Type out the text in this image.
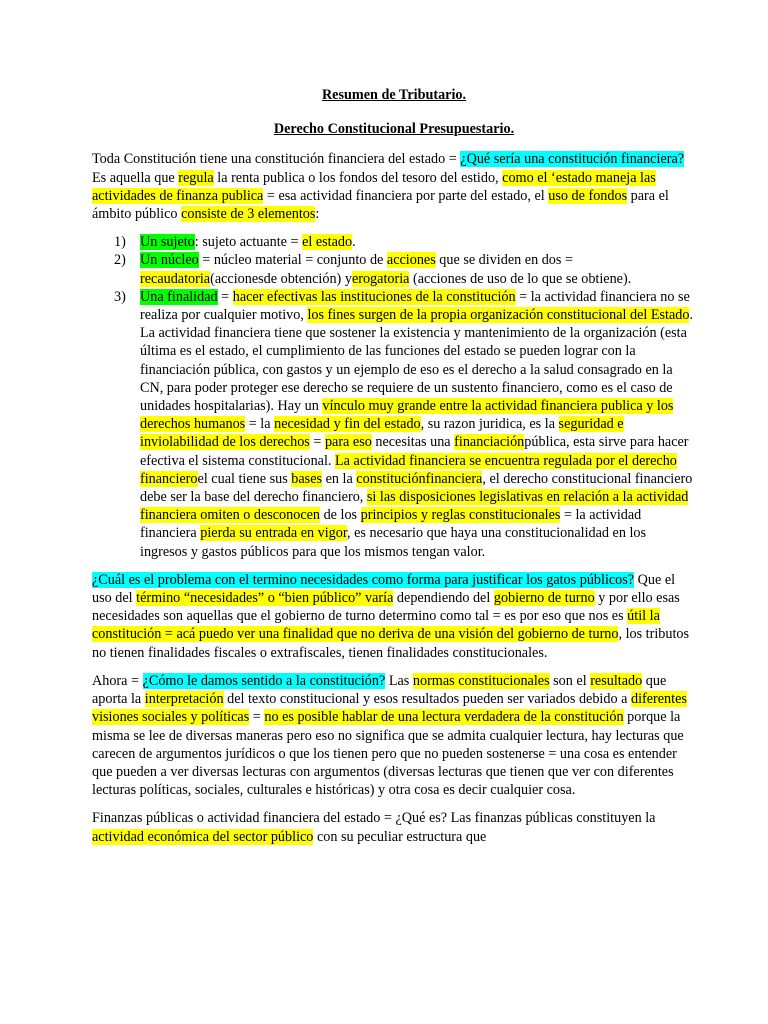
Resumen de Tributario.
Derecho Constitucional Presupuestario.

Toda Constitución tiene una constitución financiera del estado = ¿Qué sería una constitución financiera? Es aquella que regula la renta publica o los fondos del tesoro del estido, como el ‘estado maneja las actividades de finanza publica = esa actividad financiera por parte del estado, el uso de fondos para el ámbito público consiste de 3 elementos:

1) Un sujeto: sujeto actuante = el estado.
2) Un núcleo = núcleo material = conjunto de acciones que se dividen en dos = recaudatoria(accionesde obtención) yerogatoria (acciones de uso de lo que se obtiene).
3) Una finalidad = hacer efectivas las instituciones de la constitución = la actividad financiera no se realiza por cualquier motivo, los fines surgen de la propia organización constitucional del Estado. La actividad financiera tiene que sostener la existencia y mantenimiento de la organización (esta última es el estado, el cumplimiento de las funciones del estado se pueden lograr con la financiación pública, con gastos y un ejemplo de eso es el derecho a la salud consagrado en la CN, para poder proteger ese derecho se requiere de un sustento financiero, como es el caso de unidades hospitalarias). Hay un vínculo muy grande entre la actividad financiera publica y los derechos humanos = la necesidad y fin del estado, su razon juridica, es la seguridad e inviolabilidad de los derechos = para eso necesitas una financiaciónpública, esta sirve para hacer efectiva el sistema constitucional. La actividad financiera se encuentra regulada por el derecho financieroel cual tiene sus bases en la constituciónfinanciera, el derecho constitucional financiero debe ser la base del derecho financiero, si las disposiciones legislativas en relación a la actividad financiera omiten o desconocen de los principios y reglas constitucionales = la actividad financiera pierda su entrada en vigor, es necesario que haya una constitucionalidad en los ingresos y gastos públicos para que los mismos tengan valor.

¿Cuál es el problema con el termino necesidades como forma para justificar los gatos públicos? Que el uso del término “necesidades” o “bien público” varía dependiendo del gobierno de turno y por ello esas necesidades son aquellas que el gobierno de turno determino como tal = es por eso que nos es útil la constitución = acá puedo ver una finalidad que no deriva de una visión del gobierno de turno, los tributos no tienen finalidades fiscales o extrafiscales, tienen finalidades constitucionales.

Ahora = ¿Cómo le damos sentido a la constitución? Las normas constitucionales son el resultado que aporta la interpretación del texto constitucional y esos resultados pueden ser variados debido a diferentes visiones sociales y políticas = no es posible hablar de una lectura verdadera de la constitución porque la misma se lee de diversas maneras pero eso no significa que se admita cualquier lectura, hay lecturas que carecen de argumentos jurídicos o que los tienen pero que no pueden sostenerse = una cosa es entender que pueden a ver diversas lecturas con argumentos (diversas lecturas que tienen que ver con diferentes lecturas políticas, sociales, culturales e históricas) y otra cosa es decir cualquier cosa.

Finanzas públicas o actividad financiera del estado = ¿Qué es? Las finanzas públicas constituyen la actividad económica del sector público con su peculiar estructura que
